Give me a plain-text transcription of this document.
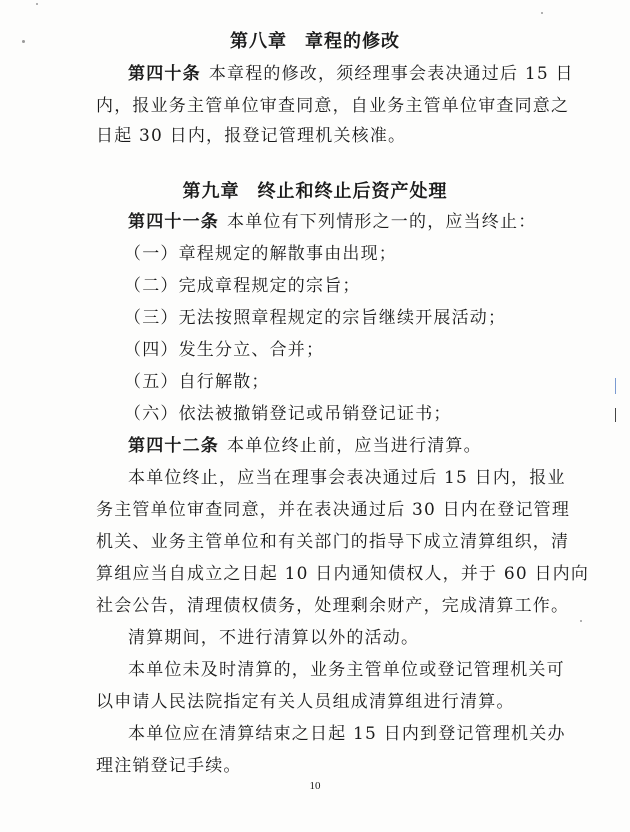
第八章 章程的修改
第四十条 本章程的修改，须经理事会表决通过后 15 日
内，报业务主管单位审查同意，自业务主管单位审查同意之
日起 30 日内，报登记管理机关核准。
第九章 终止和终止后资产处理
第四十一条 本单位有下列情形之一的，应当终止：
（一）章程规定的解散事由出现；
（二）完成章程规定的宗旨；
（三）无法按照章程规定的宗旨继续开展活动；
（四）发生分立、合并；
（五）自行解散；
（六）依法被撤销登记或吊销登记证书；
第四十二条 本单位终止前，应当进行清算。
本单位终止，应当在理事会表决通过后 15 日内，报业
务主管单位审查同意，并在表决通过后 30 日内在登记管理
机关、业务主管单位和有关部门的指导下成立清算组织，清
算组应当自成立之日起 10 日内通知债权人，并于 60 日内向
社会公告，清理债权债务，处理剩余财产，完成清算工作。
清算期间，不进行清算以外的活动。
本单位未及时清算的，业务主管单位或登记管理机关可
以申请人民法院指定有关人员组成清算组进行清算。
本单位应在清算结束之日起 15 日内到登记管理机关办
理注销登记手续。
10
